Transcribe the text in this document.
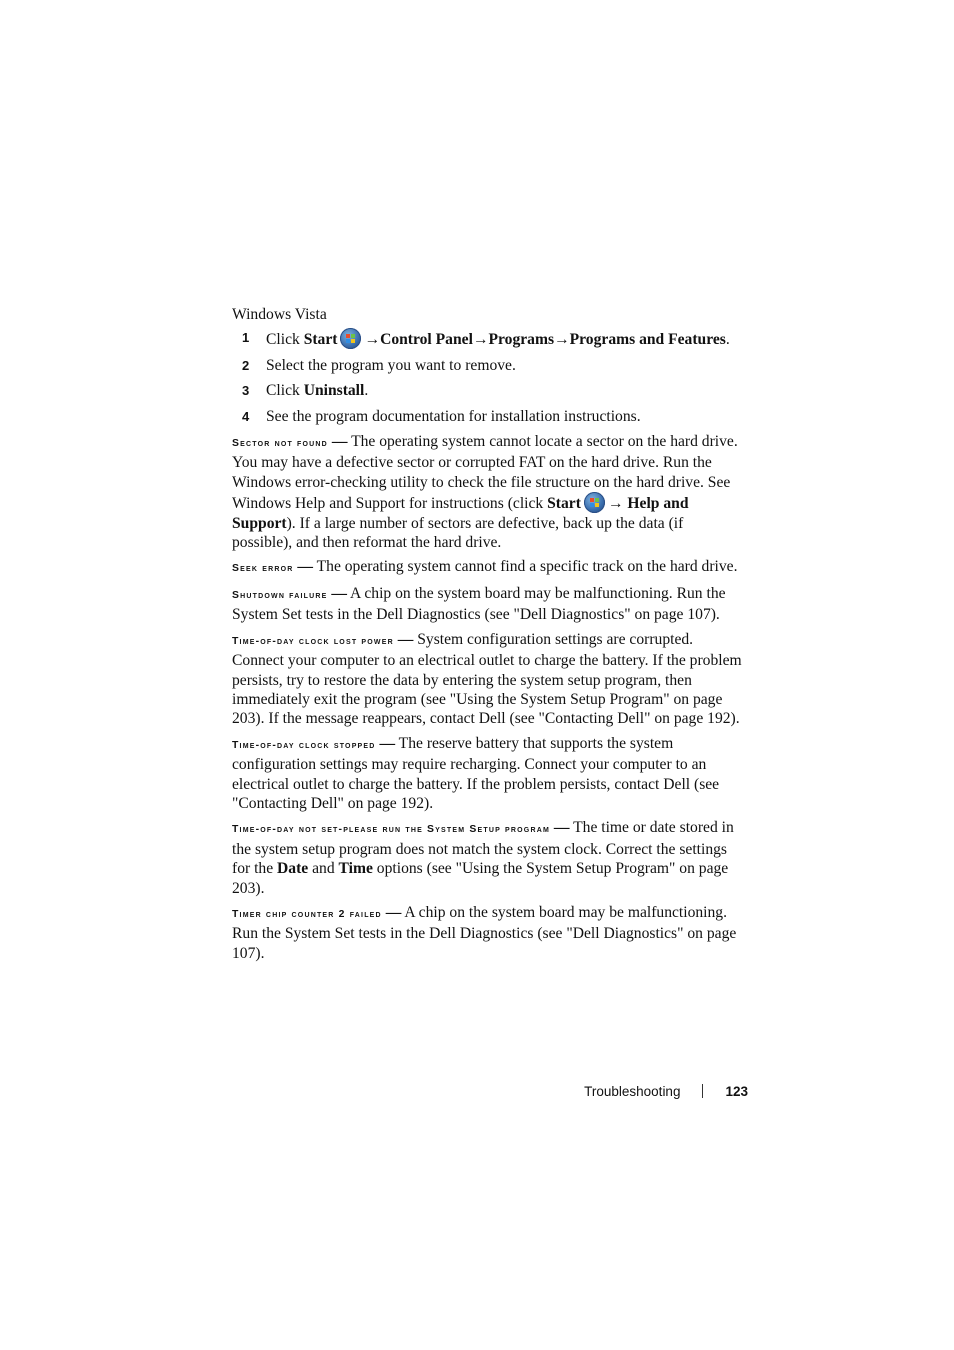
Windows Vista

1 Click Start →Control Panel→Programs→Programs and Features.
2 Select the program you want to remove.
3 Click Uninstall.
4 See the program documentation for installation instructions.

Sector not found — The operating system cannot locate a sector on the hard drive. You may have a defective sector or corrupted FAT on the hard drive. Run the Windows error-checking utility to check the file structure on the hard drive. See Windows Help and Support for instructions (click Start → Help and Support). If a large number of sectors are defective, back up the data (if possible), and then reformat the hard drive.

Seek error — The operating system cannot find a specific track on the hard drive.

Shutdown failure — A chip on the system board may be malfunctioning. Run the System Set tests in the Dell Diagnostics (see "Dell Diagnostics" on page 107).

Time-of-day clock lost power — System configuration settings are corrupted. Connect your computer to an electrical outlet to charge the battery. If the problem persists, try to restore the data by entering the system setup program, then immediately exit the program (see "Using the System Setup Program" on page 203). If the message reappears, contact Dell (see "Contacting Dell" on page 192).

Time-of-day clock stopped — The reserve battery that supports the system configuration settings may require recharging. Connect your computer to an electrical outlet to charge the battery. If the problem persists, contact Dell (see "Contacting Dell" on page 192).

Time-of-day not set-please run the System Setup program — The time or date stored in the system setup program does not match the system clock. Correct the settings for the Date and Time options (see "Using the System Setup Program" on page 203).

Timer chip counter 2 failed — A chip on the system board may be malfunctioning. Run the System Set tests in the Dell Diagnostics (see "Dell Diagnostics" on page 107).

Troubleshooting	123
